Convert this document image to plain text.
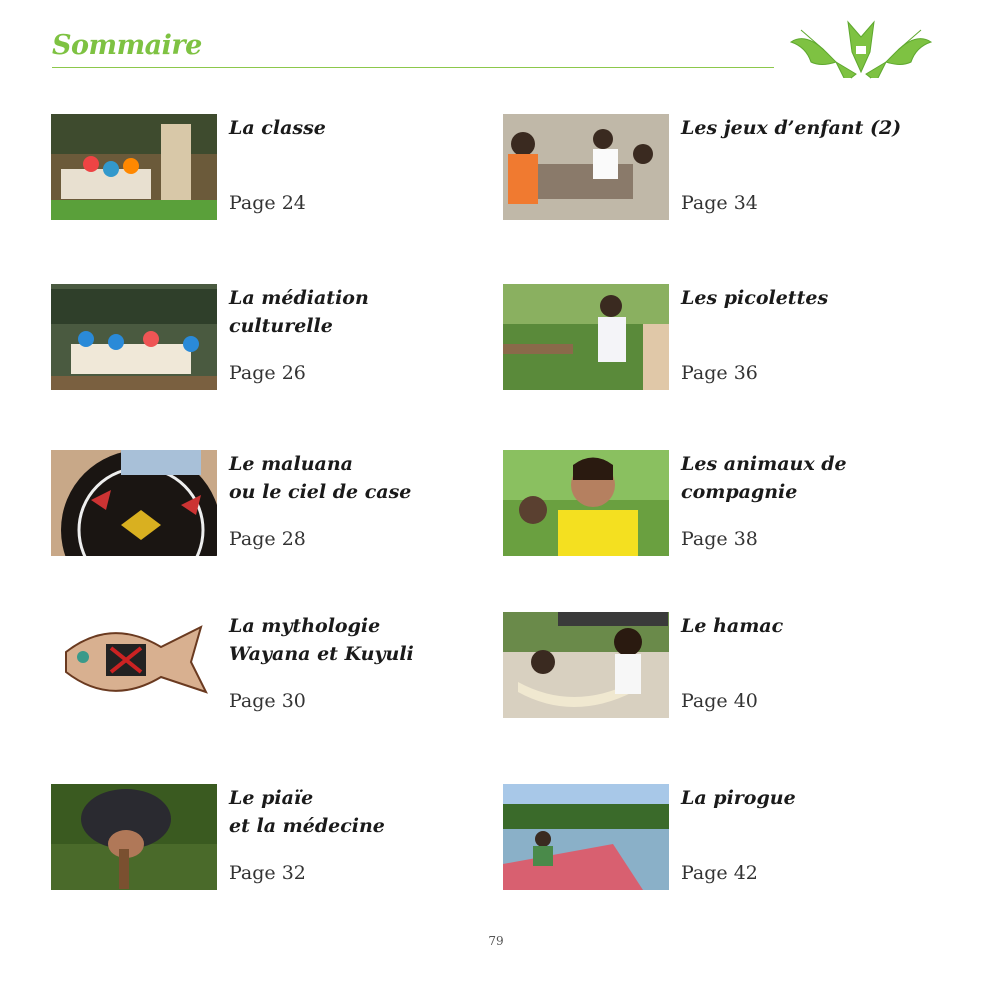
Sommaire
La classe
Page 24
La médiation culturelle
Page 26
Le maluana
ou le ciel de case
Page 28
La mythologie
Wayana et Kuyuli
Page 30
Le piaïe
et la médecine
Page 32
Les jeux d’enfant (2)
Page 34
Les picolettes
Page 36
Les animaux de
compagnie
Page 38
Le hamac
Page 40
La pirogue
Page 42
79
